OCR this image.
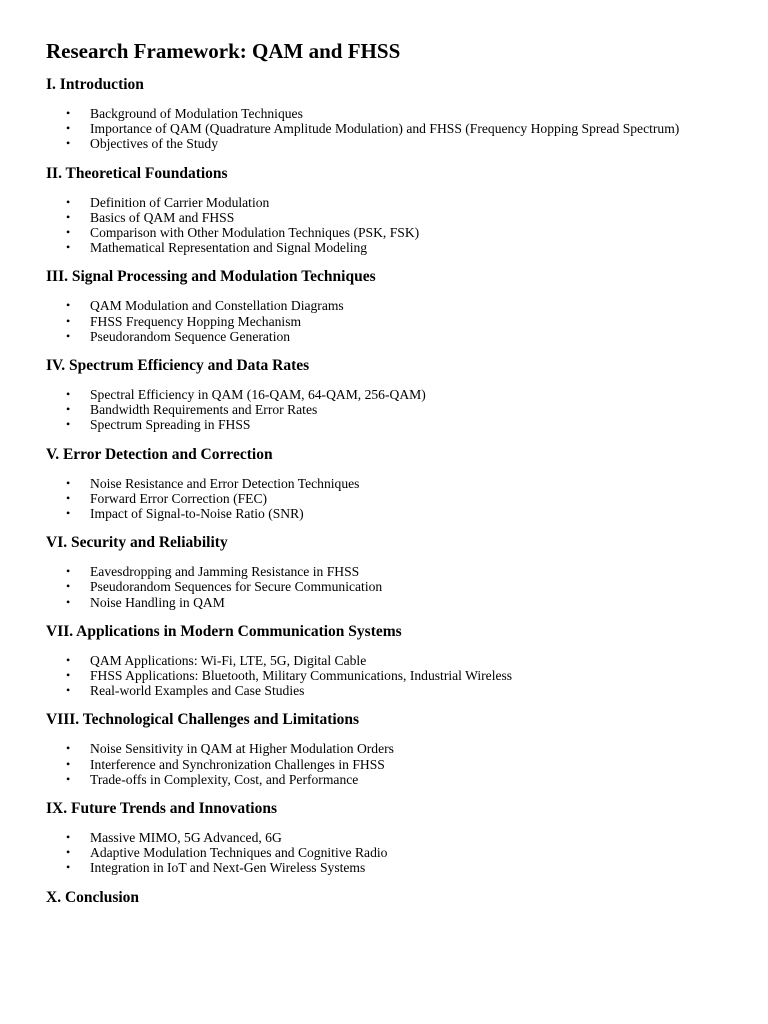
Research Framework: QAM and FHSS
I. Introduction
• Background of Modulation Techniques
• Importance of QAM (Quadrature Amplitude Modulation) and FHSS (Frequency Hopping Spread Spectrum)
• Objectives of the Study
II. Theoretical Foundations
• Definition of Carrier Modulation
• Basics of QAM and FHSS
• Comparison with Other Modulation Techniques (PSK, FSK)
• Mathematical Representation and Signal Modeling
III. Signal Processing and Modulation Techniques
• QAM Modulation and Constellation Diagrams
• FHSS Frequency Hopping Mechanism
• Pseudorandom Sequence Generation
IV. Spectrum Efficiency and Data Rates
• Spectral Efficiency in QAM (16-QAM, 64-QAM, 256-QAM)
• Bandwidth Requirements and Error Rates
• Spectrum Spreading in FHSS
V. Error Detection and Correction
• Noise Resistance and Error Detection Techniques
• Forward Error Correction (FEC)
• Impact of Signal-to-Noise Ratio (SNR)
VI. Security and Reliability
• Eavesdropping and Jamming Resistance in FHSS
• Pseudorandom Sequences for Secure Communication
• Noise Handling in QAM
VII. Applications in Modern Communication Systems
• QAM Applications: Wi-Fi, LTE, 5G, Digital Cable
• FHSS Applications: Bluetooth, Military Communications, Industrial Wireless
• Real-world Examples and Case Studies
VIII. Technological Challenges and Limitations
• Noise Sensitivity in QAM at Higher Modulation Orders
• Interference and Synchronization Challenges in FHSS
• Trade-offs in Complexity, Cost, and Performance
IX. Future Trends and Innovations
• Massive MIMO, 5G Advanced, 6G
• Adaptive Modulation Techniques and Cognitive Radio
• Integration in IoT and Next-Gen Wireless Systems
X. Conclusion
